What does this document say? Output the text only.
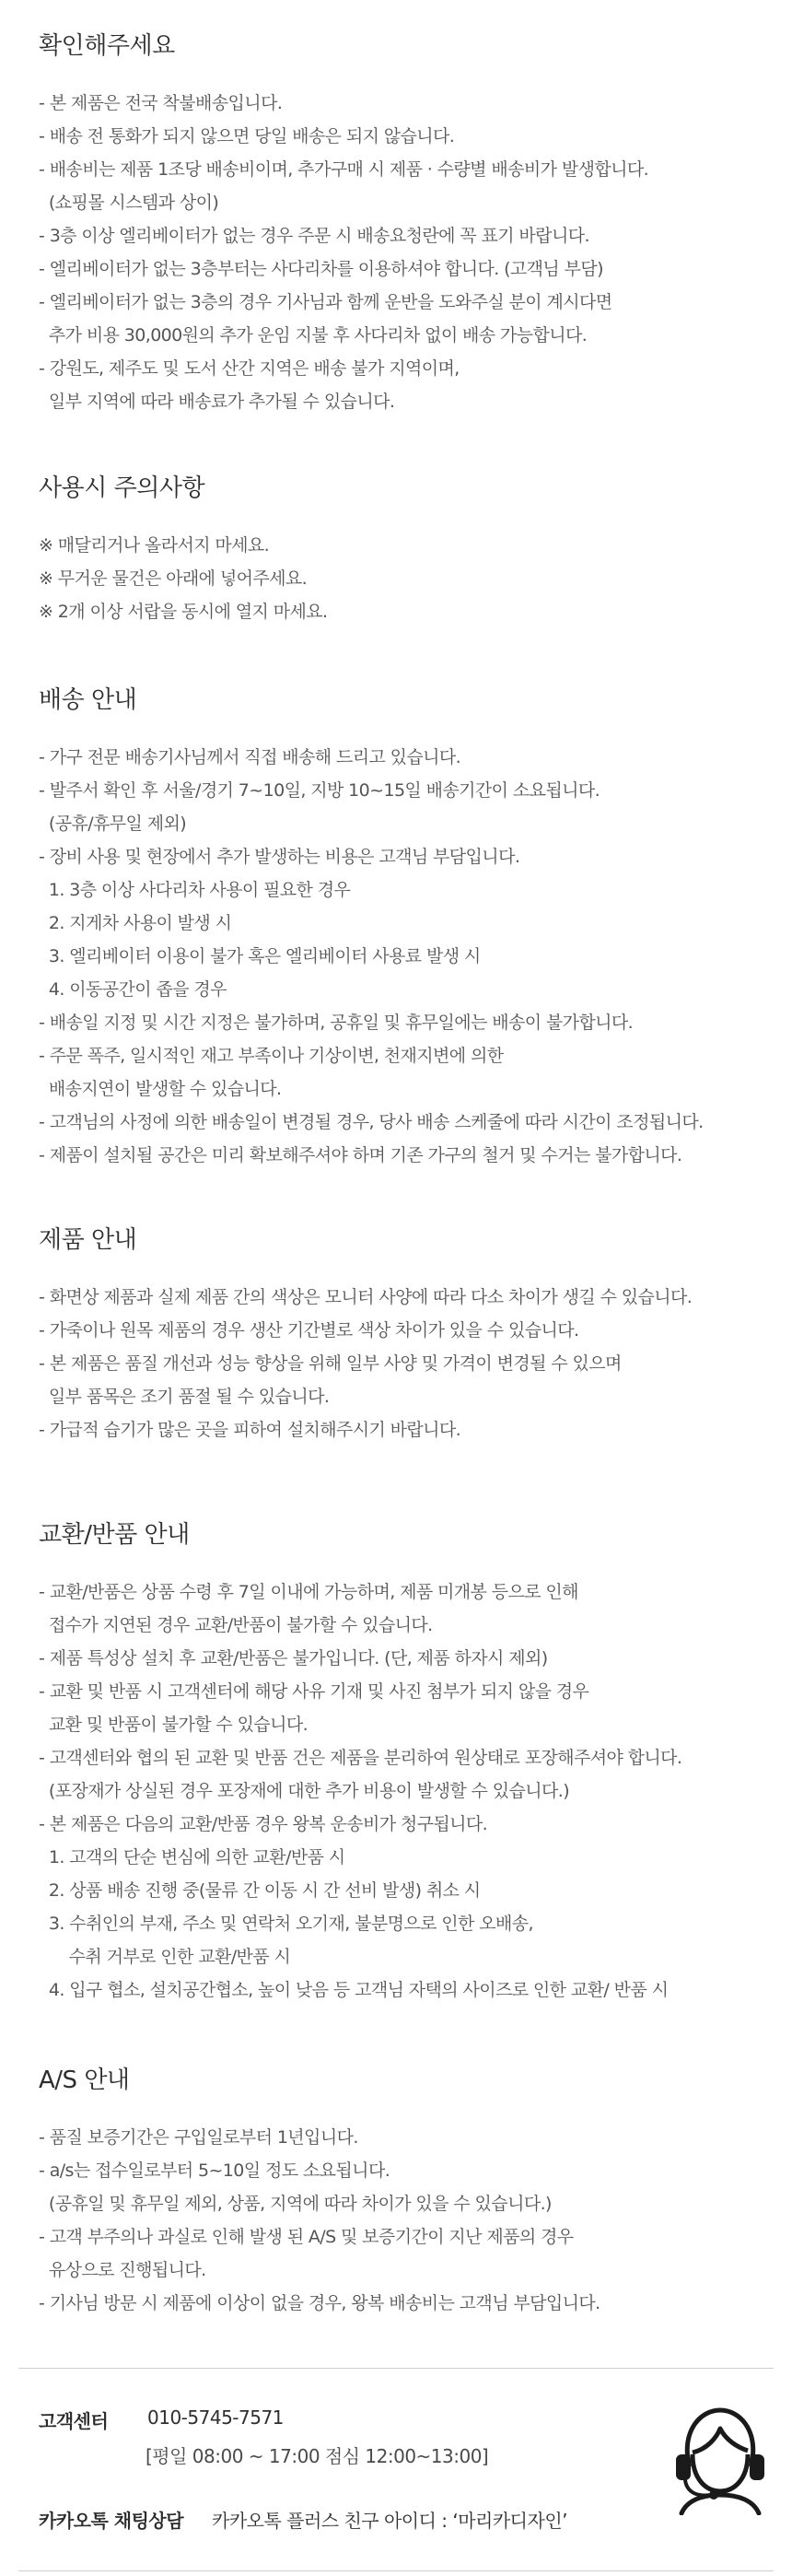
확인해주세요
- 본 제품은 전국 착불배송입니다.
- 배송 전 통화가 되지 않으면 당일 배송은 되지 않습니다.
- 배송비는 제품 1조당 배송비이며, 추가구매 시 제품 · 수량별 배송비가 발생합니다.
(쇼핑몰 시스템과 상이)
- 3층 이상 엘리베이터가 없는 경우 주문 시 배송요청란에 꼭 표기 바랍니다.
- 엘리베이터가 없는 3층부터는 사다리차를 이용하셔야 합니다. (고객님 부담)
- 엘리베이터가 없는 3층의 경우 기사님과 함께 운반을 도와주실 분이 계시다면
추가 비용 30,000원의 추가 운임 지불 후 사다리차 없이 배송 가능합니다.
- 강원도, 제주도 및 도서 산간 지역은 배송 불가 지역이며,
일부 지역에 따라 배송료가 추가될 수 있습니다.
사용시 주의사항
※ 매달리거나 올라서지 마세요.
※ 무거운 물건은 아래에 넣어주세요.
※ 2개 이상 서랍을 동시에 열지 마세요.
배송 안내
- 가구 전문 배송기사님께서 직접 배송해 드리고 있습니다.
- 발주서 확인 후 서울/경기 7~10일, 지방 10~15일 배송기간이 소요됩니다.
(공휴/휴무일 제외)
- 장비 사용 및 현장에서 추가 발생하는 비용은 고객님 부담입니다.
1. 3층 이상 사다리차 사용이 필요한 경우
2. 지게차 사용이 발생 시
3. 엘리베이터 이용이 불가 혹은 엘리베이터 사용료 발생 시
4. 이동공간이 좁을 경우
- 배송일 지정 및 시간 지정은 불가하며, 공휴일 및 휴무일에는 배송이 불가합니다.
- 주문 폭주, 일시적인 재고 부족이나 기상이변, 천재지변에 의한
배송지연이 발생할 수 있습니다.
- 고객님의 사정에 의한 배송일이 변경될 경우, 당사 배송 스케줄에 따라 시간이 조정됩니다.
- 제품이 설치될 공간은 미리 확보해주셔야 하며 기존 가구의 철거 및 수거는 불가합니다.
제품 안내
- 화면상 제품과 실제 제품 간의 색상은 모니터 사양에 따라 다소 차이가 생길 수 있습니다.
- 가죽이나 원목 제품의 경우 생산 기간별로 색상 차이가 있을 수 있습니다.
- 본 제품은 품질 개선과 성능 향상을 위해 일부 사양 및 가격이 변경될 수 있으며
일부 품목은 조기 품절 될 수 있습니다.
- 가급적 습기가 많은 곳을 피하여 설치해주시기 바랍니다.
교환/반품 안내
- 교환/반품은 상품 수령 후 7일 이내에 가능하며, 제품 미개봉 등으로 인해
접수가 지연된 경우 교환/반품이 불가할 수 있습니다.
- 제품 특성상 설치 후 교환/반품은 불가입니다. (단, 제품 하자시 제외)
- 교환 및 반품 시 고객센터에 해당 사유 기재 및 사진 첨부가 되지 않을 경우
교환 및 반품이 불가할 수 있습니다.
- 고객센터와 협의 된 교환 및 반품 건은 제품을 분리하여 원상태로 포장해주셔야 합니다.
(포장재가 상실된 경우 포장재에 대한 추가 비용이 발생할 수 있습니다.)
- 본 제품은 다음의 교환/반품 경우 왕복 운송비가 청구됩니다.
1. 고객의 단순 변심에 의한 교환/반품 시
2. 상품 배송 진행 중(물류 간 이동 시 간 선비 발생) 취소 시
3. 수취인의 부재, 주소 및 연락처 오기재, 불분명으로 인한 오배송,
수취 거부로 인한 교환/반품 시
4. 입구 협소, 설치공간협소, 높이 낮음 등 고객님 자택의 사이즈로 인한 교환/ 반품 시
A/S 안내
- 품질 보증기간은 구입일로부터 1년입니다.
- a/s는 접수일로부터 5~10일 정도 소요됩니다.
(공휴일 및 휴무일 제외, 상품, 지역에 따라 차이가 있을 수 있습니다.)
- 고객 부주의나 과실로 인해 발생 된 A/S 및 보증기간이 지난 제품의 경우
유상으로 진행됩니다.
- 기사님 방문 시 제품에 이상이 없을 경우, 왕복 배송비는 고객님 부담입니다.
고객센터 010-5745-7571
[평일 08:00 ~ 17:00 점심 12:00~13:00]
카카오톡 채팅상담 카카오톡 플러스 친구 아이디 : ‘마리카디자인’
